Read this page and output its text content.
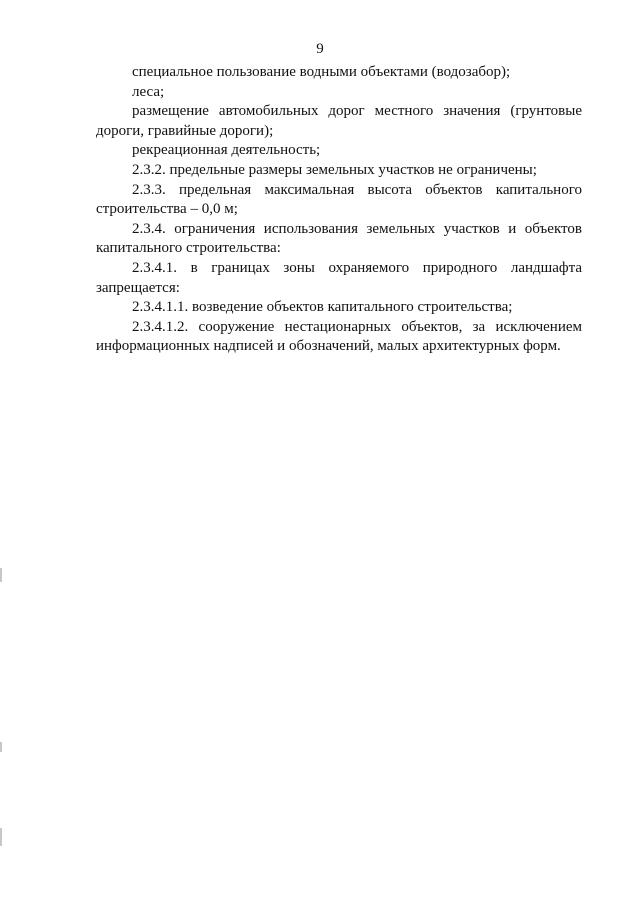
9

специальное пользование водными объектами (водозабор);

леса;

размещение автомобильных дорог местного значения (грунтовые дороги, гравийные дороги);

рекреационная деятельность;

2.3.2. предельные размеры земельных участков не ограничены;

2.3.3. предельная максимальная высота объектов капитального строительства – 0,0 м;

2.3.4. ограничения использования земельных участков и объектов капитального строительства:

2.3.4.1. в границах зоны охраняемого природного ландшафта запрещается:

2.3.4.1.1. возведение объектов капитального строительства;

2.3.4.1.2. сооружение нестационарных объектов, за исключением информационных надписей и обозначений, малых архитектурных форм.
